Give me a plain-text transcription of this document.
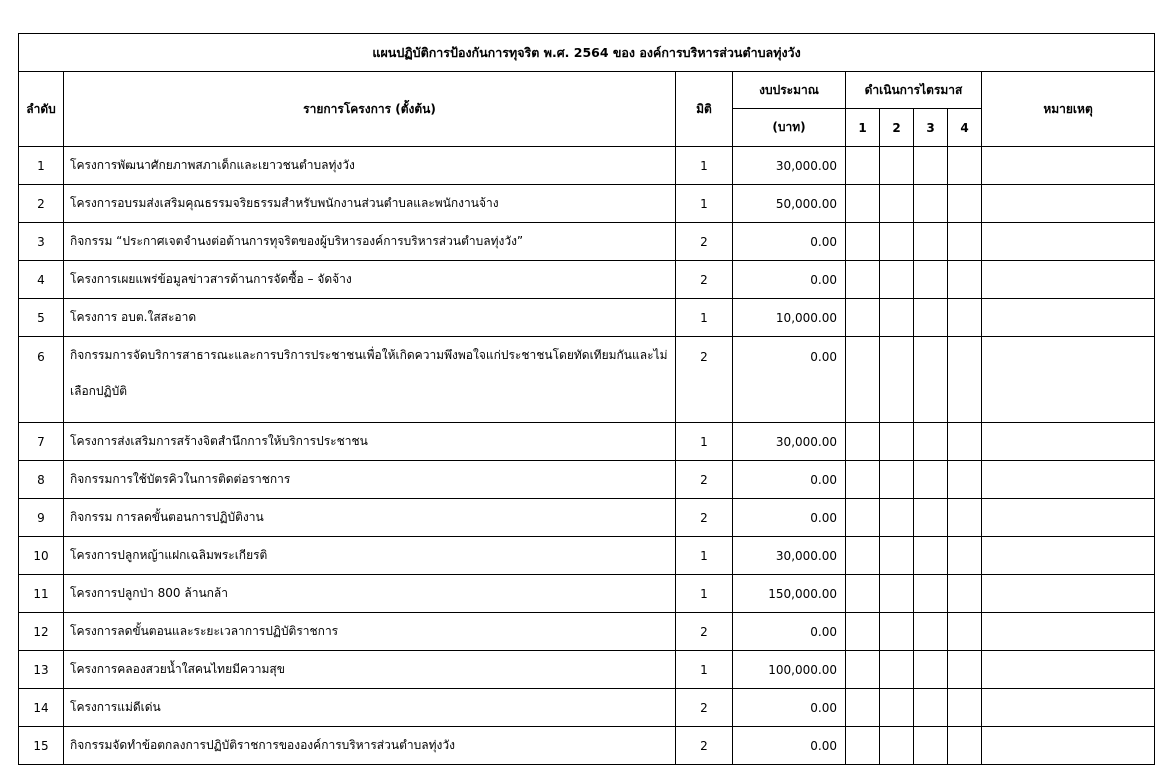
แผนปฏิบัติการป้องกันการทุจริต พ.ศ. 2564 ของ องค์การบริหารส่วนตำบลทุ่งวัง								
ลำดับ	รายการโครงการ (ตั้งต้น)	มิติ	งบประมาณ	ดำเนินการไตรมาส				หมายเหตุ
			(บาท)	1	2	3	4	
1	โครงการพัฒนาศักยภาพสภาเด็กและเยาวชนตำบลทุ่งวัง	1	30,000.00					
2	โครงการอบรมส่งเสริมคุณธรรมจริยธรรมสำหรับพนักงานส่วนตำบลและพนักงานจ้าง	1	50,000.00					
3	กิจกรรม “ประกาศเจตจำนงต่อต้านการทุจริตของผู้บริหารองค์การบริหารส่วนตำบลทุ่งวัง”	2	0.00					
4	โครงการเผยแพร่ข้อมูลข่าวสารด้านการจัดซื้อ – จัดจ้าง	2	0.00					
5	โครงการ อบต.ใสสะอาด	1	10,000.00					
6	กิจกรรมการจัดบริการสาธารณะและการบริการประชาชนเพื่อให้เกิดความพึงพอใจแก่ประชาชนโดยทัดเทียมกันและไม่เลือกปฏิบัติ	2	0.00					
7	โครงการส่งเสริมการสร้างจิตสำนึกการให้บริการประชาชน	1	30,000.00					
8	กิจกรรมการใช้บัตรคิวในการติดต่อราชการ	2	0.00					
9	กิจกรรม การลดขั้นตอนการปฏิบัติงาน	2	0.00					
10	โครงการปลูกหญ้าแฝกเฉลิมพระเกียรติ	1	30,000.00					
11	โครงการปลูกป่า 800 ล้านกล้า	1	150,000.00					
12	โครงการลดขั้นตอนและระยะเวลาการปฏิบัติราชการ	2	0.00					
13	โครงการคลองสวยน้ำใสคนไทยมีความสุข	1	100,000.00					
14	โครงการแม่ดีเด่น	2	0.00					
15	กิจกรรมจัดทำข้อตกลงการปฏิบัติราชการขององค์การบริหารส่วนตำบลทุ่งวัง	2	0.00					
